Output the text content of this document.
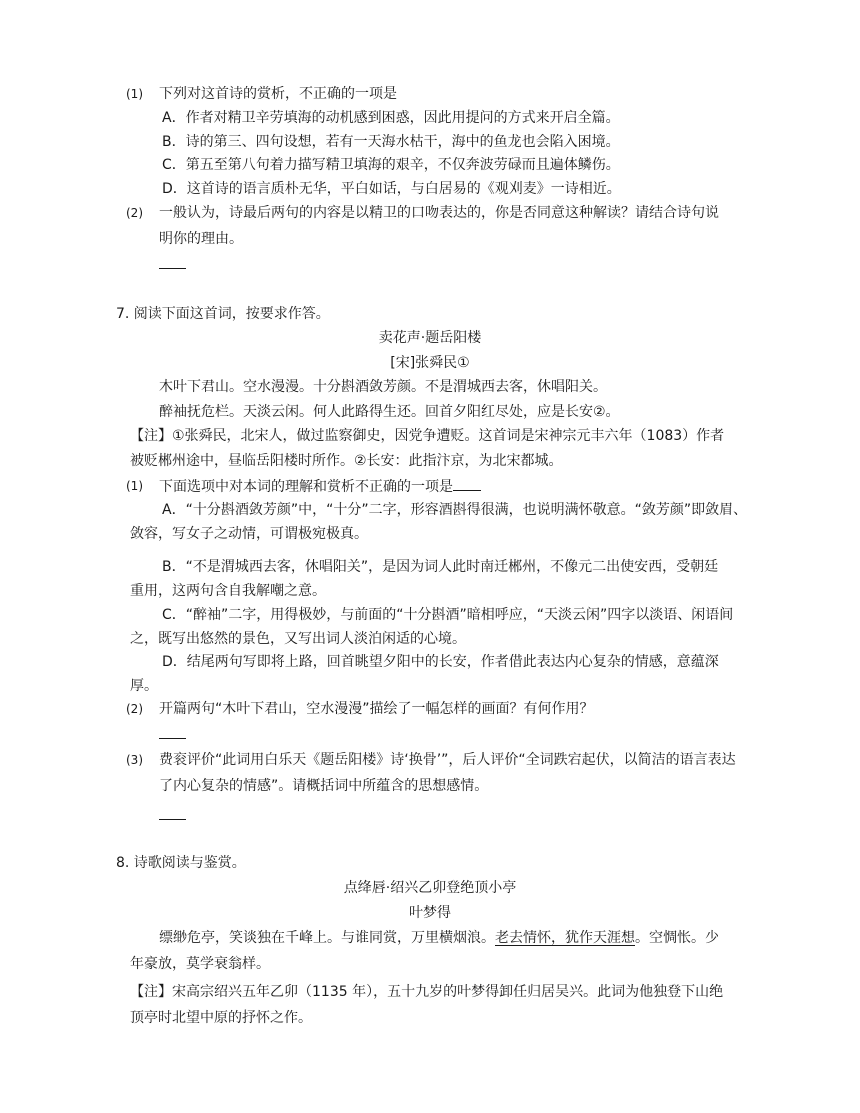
(1) 下列对这首诗的赏析，不正确的一项是
A．作者对精卫辛劳填海的动机感到困惑，因此用提问的方式来开启全篇。
B．诗的第三、四句设想，若有一天海水枯干，海中的鱼龙也会陷入困境。
C．第五至第八句着力描写精卫填海的艰辛，不仅奔波劳碌而且遍体鳞伤。
D．这首诗的语言质朴无华，平白如话，与白居易的《观刈麦》一诗相近。
(2) 一般认为，诗最后两句的内容是以精卫的口吻表达的，你是否同意这种解读？请结合诗句说
明你的理由。
7. 阅读下面这首词，按要求作答。
卖花声·题岳阳楼
[宋]张舜民①
木叶下君山。空水漫漫。十分斟酒敛芳颜。不是渭城西去客，休唱阳关。
醉袖抚危栏。天淡云闲。何人此路得生还。回首夕阳红尽处，应是长安②。
【注】①张舜民，北宋人，做过监察御史，因党争遭贬。这首词是宋神宗元丰六年（1083）作者
被贬郴州途中，昼临岳阳楼时所作。②长安：此指汴京，为北宋都城。
(1) 下面选项中对本词的理解和赏析不正确的一项是
A．“十分斟酒敛芳颜”中，“十分”二字，形容酒斟得很满，也说明满怀敬意。“敛芳颜”即敛眉、
敛容，写女子之动情，可谓极宛极真。
B．“不是渭城西去客，休唱阳关”，是因为词人此时南迁郴州，不像元二出使安西，受朝廷
重用，这两句含自我解嘲之意。
C．“醉袖”二字，用得极妙，与前面的“十分斟酒”暗相呼应，“天淡云闲”四字以淡语、闲语间
之，既写出悠然的景色，又写出词人淡泊闲适的心境。
D．结尾两句写即将上路，回首眺望夕阳中的长安，作者借此表达内心复杂的情感，意蕴深
厚。
(2) 开篇两句“木叶下君山，空水漫漫”描绘了一幅怎样的画面？有何作用？
(3) 费衮评价“此词用白乐天《题岳阳楼》诗‘换骨’”，后人评价“全词跌宕起伏，以简洁的语言表达
了内心复杂的情感”。请概括词中所蕴含的思想感情。
8. 诗歌阅读与鉴赏。
点绛唇·绍兴乙卯登绝顶小亭
叶梦得
缥缈危亭，笑谈独在千峰上。与谁同赏，万里横烟浪。老去情怀，犹作天涯想。空惆怅。少
年豪放，莫学衰翁样。
【注】宋高宗绍兴五年乙卯（1135 年），五十九岁的叶梦得卸任归居吴兴。此词为他独登下山绝
顶亭时北望中原的抒怀之作。
